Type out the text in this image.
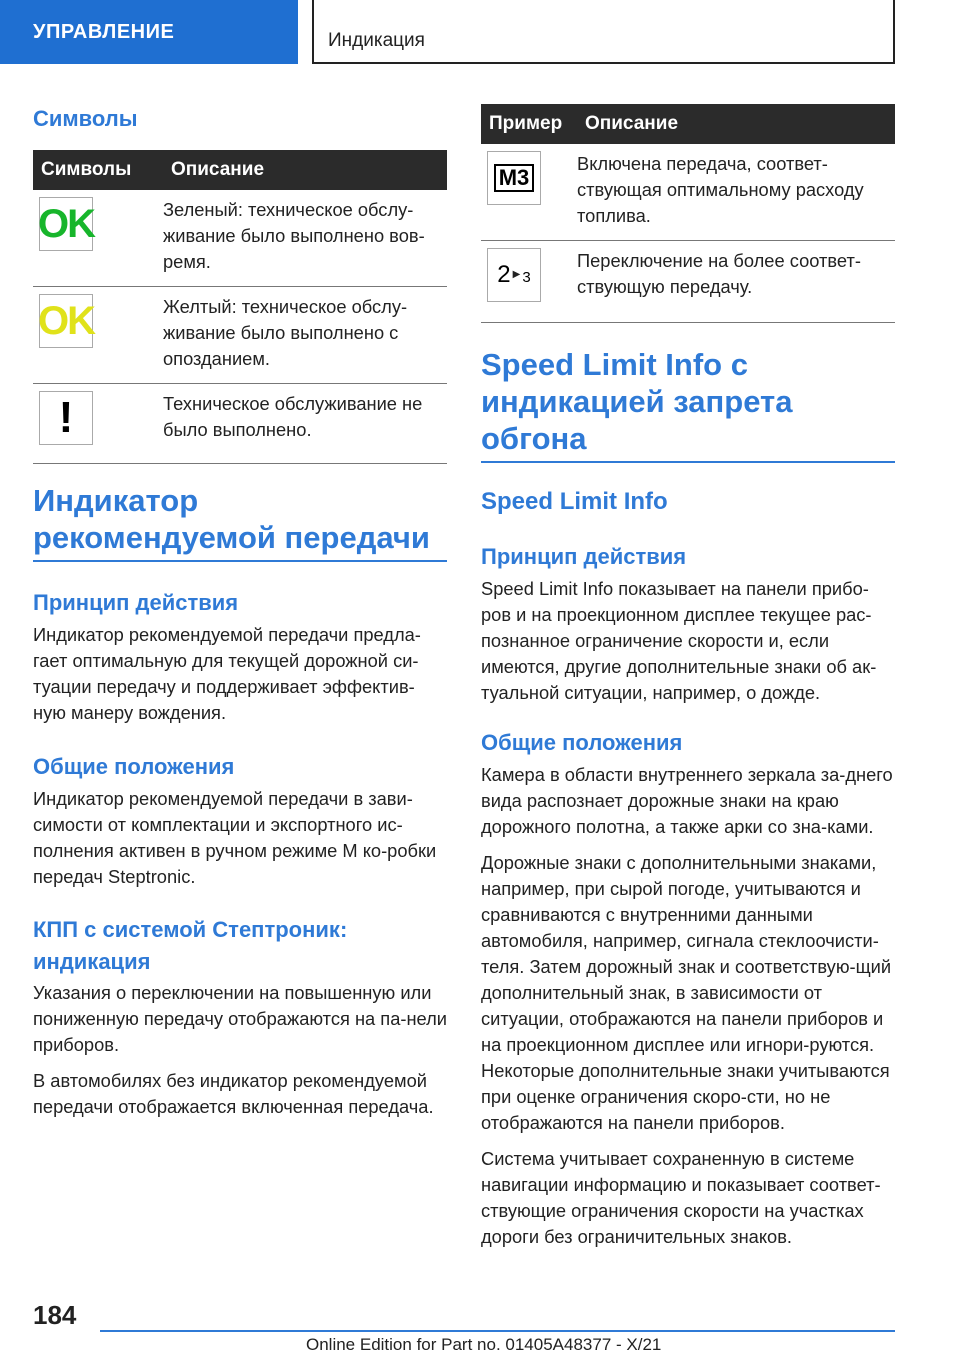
УПРАВЛЕНИЕ	Индикация
Символы
Символы	Описание

OK	Зеленый: техническое обслу-живание было выполнено вов-ремя.

OK	Желтый: техническое обслу-живание было выполнено с опозданием.

!	Техническое обслуживание не было выполнено.
Индикатор рекомендуемой передачи
Принцип действия

Индикатор рекомендуемой передачи предла-гает оптимальную для текущей дорожной си-туации передачу и поддерживает эффектив-ную манеру вождения.

Общие положения

Индикатор рекомендуемой передачи в зави-симости от комплектации и экспортного ис-полнения активен в ручном режиме M ко-робки передач Steptronic.

КПП с системой Стептроник: индикация

Указания о переключении на повышенную или пониженную передачу отображаются на па-нели приборов.

В автомобилях без индикатор рекомендуемой передачи отображается включенная передача.

Пример	Описание

M3	Включена передача, соответ-ствующая оптимальному расходу топлива.

2 ▶ 3	Переключение на более соответ-ствующую передачу.
Speed Limit Info с индикацией запрета обгона
Speed Limit Info
Принцип действия

Speed Limit Info показывает на панели прибо-ров и на проекционном дисплее текущее рас-познанное ограничение скорости и, если имеются, другие дополнительные знаки об ак-туальной ситуации, например, о дожде.

Общие положения

Камера в области внутреннего зеркала за-днего вида распознает дорожные знаки на краю дорожного полотна, а также арки со зна-ками.

Дорожные знаки с дополнительными знаками, например, при сырой погоде, учитываются и сравниваются с внутренними данными автомобиля, например, сигнала стеклоочисти-теля. Затем дорожный знак и соответствую-щий дополнительный знак, в зависимости от ситуации, отображаются на панели приборов и на проекционном дисплее или игнори-руются. Некоторые дополнительные знаки учитываются при оценке ограничения скоро-сти, но не отображаются на панели приборов.

Система учитывает сохраненную в системе навигации информацию и показывает соответ-ствующие ограничения скорости на участках дороги без ограничительных знаков.

184
Online Edition for Part no. 01405A48377 - X/21
